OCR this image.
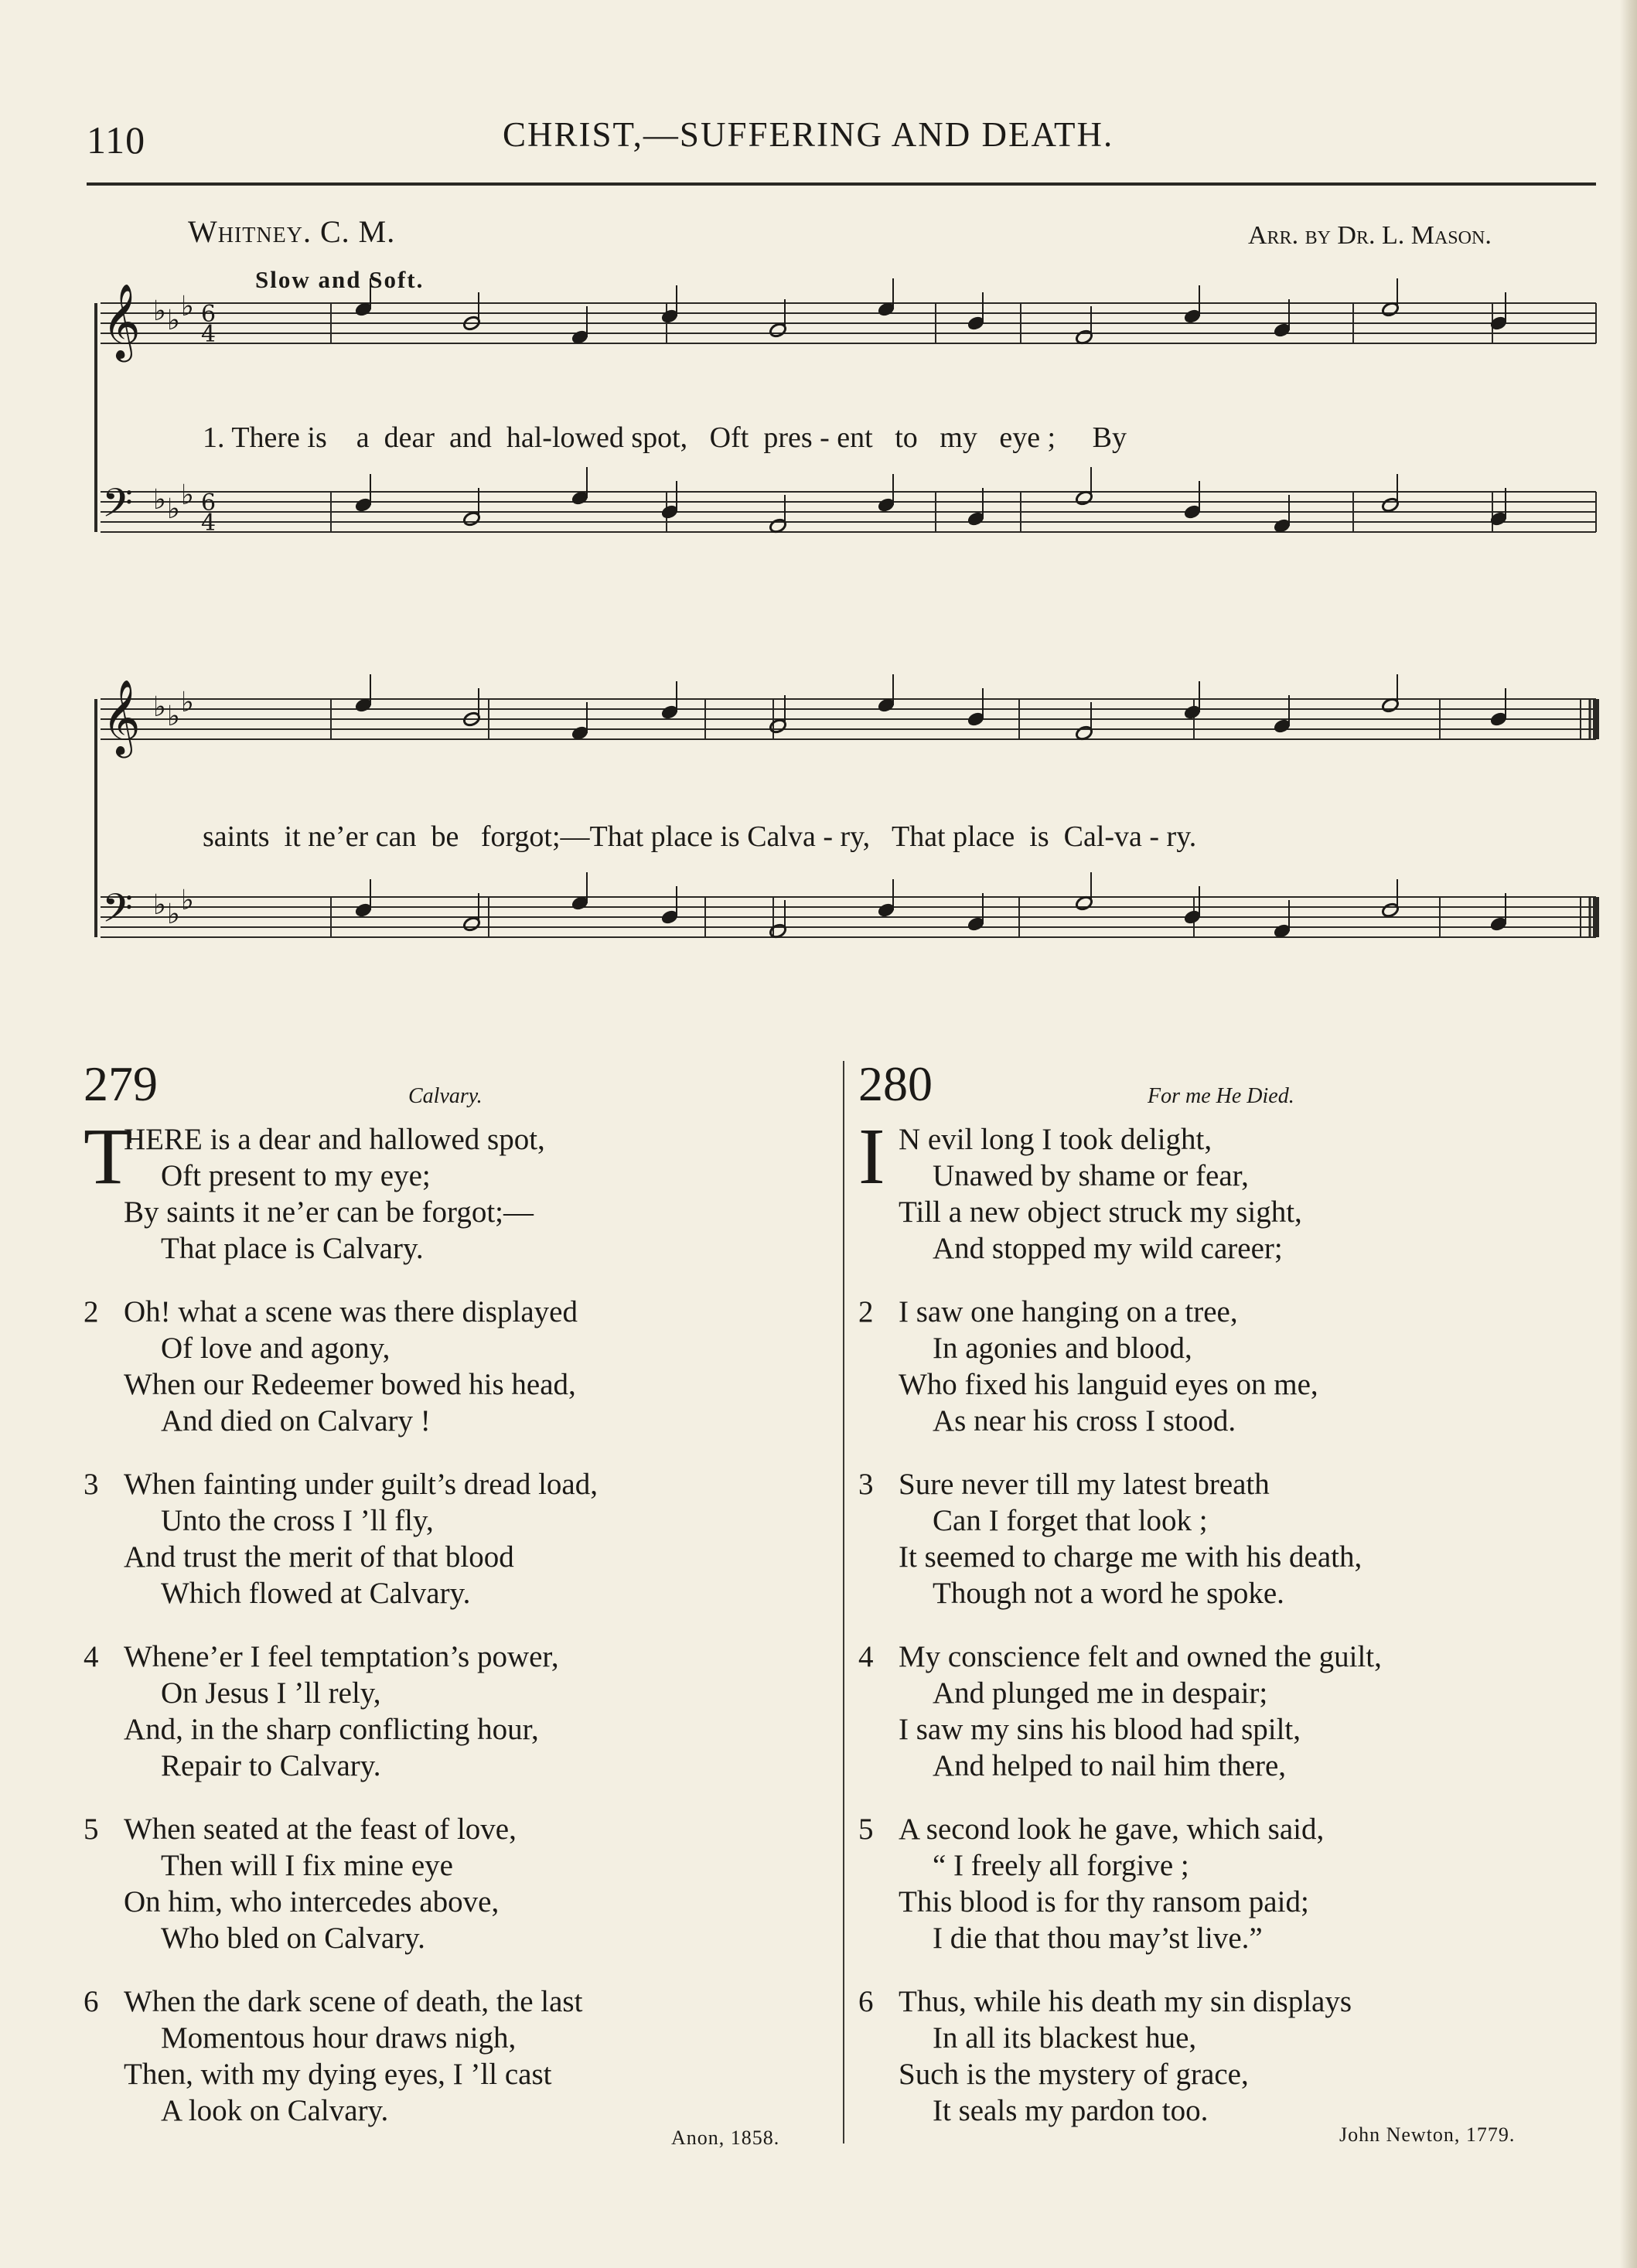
110	CHRIST,—SUFFERING AND DEATH.
Whitney. C. M.	Arr. by Dr. L. Mason.
Slow and Soft.
𝄞 ♭ ♭ ♭ 6
4
𝄢 ♭ ♭ ♭ 6
4
𝄞 ♭ ♭ ♭
𝄢 ♭ ♭ ♭
1. There is    a  dear  and  hal-lowed spot,   Oft  pres - ent   to   my   eye ;     By
saints  it ne’er can  be   forgot;—That place is Calva - ry,   That place  is  Cal-va - ry.
279	Calvary.
T
HERE is a dear and hallowed spot,
Oft present to my eye;
By saints it ne’er can be forgot;—
That place is Calvary.
2 Oh! what a scene was there displayed
Of love and agony,
When our Redeemer bowed his head,
And died on Calvary !
3 When fainting under guilt’s dread load,
Unto the cross I ’ll fly,
And trust the merit of that blood
Which flowed at Calvary.
4 Whene’er I feel temptation’s power,
On Jesus I ’ll rely,
And, in the sharp conflicting hour,
Repair to Calvary.
5 When seated at the feast of love,
Then will I fix mine eye
On him, who intercedes above,
Who bled on Calvary.
6 When the dark scene of death, the last
Momentous hour draws nigh,
Then, with my dying eyes, I ’ll cast
A look on Calvary.
Anon, 1858.
280	For me He Died.
I N evil long I took delight,
Unawed by shame or fear,
Till a new object struck my sight,
And stopped my wild career;
2 I saw one hanging on a tree,
In agonies and blood,
Who fixed his languid eyes on me,
As near his cross I stood.
3 Sure never till my latest breath
Can I forget that look ;
It seemed to charge me with his death,
Though not a word he spoke.
4 My conscience felt and owned the guilt,
And plunged me in despair;
I saw my sins his blood had spilt,
And helped to nail him there,
5 A second look he gave, which said,
“ I freely all forgive ;
This blood is for thy ransom paid;
I die that thou may’st live.”
6 Thus, while his death my sin displays
In all its blackest hue,
Such is the mystery of grace,
It seals my pardon too.
John Newton, 1779.
